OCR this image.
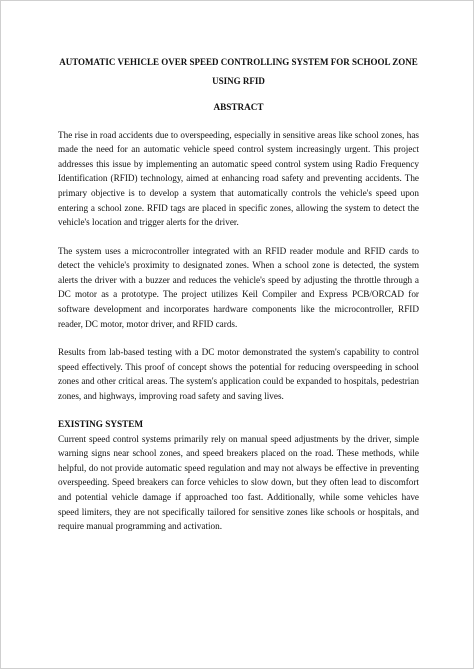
AUTOMATIC VEHICLE OVER SPEED CONTROLLING SYSTEM FOR SCHOOL ZONE USING RFID
ABSTRACT

The rise in road accidents due to overspeeding, especially in sensitive areas like school zones, has made the need for an automatic vehicle speed control system increasingly urgent. This project addresses this issue by implementing an automatic speed control system using Radio Frequency Identification (RFID) technology, aimed at enhancing road safety and preventing accidents. The primary objective is to develop a system that automatically controls the vehicle's speed upon entering a school zone. RFID tags are placed in specific zones, allowing the system to detect the vehicle's location and trigger alerts for the driver.

The system uses a microcontroller integrated with an RFID reader module and RFID cards to detect the vehicle's proximity to designated zones. When a school zone is detected, the system alerts the driver with a buzzer and reduces the vehicle's speed by adjusting the throttle through a DC motor as a prototype. The project utilizes Keil Compiler and Express PCB/ORCAD for software development and incorporates hardware components like the microcontroller, RFID reader, DC motor, motor driver, and RFID cards.

Results from lab-based testing with a DC motor demonstrated the system's capability to control speed effectively. This proof of concept shows the potential for reducing overspeeding in school zones and other critical areas. The system's application could be expanded to hospitals, pedestrian zones, and highways, improving road safety and saving lives.

EXISTING SYSTEM

Current speed control systems primarily rely on manual speed adjustments by the driver, simple warning signs near school zones, and speed breakers placed on the road. These methods, while helpful, do not provide automatic speed regulation and may not always be effective in preventing overspeeding. Speed breakers can force vehicles to slow down, but they often lead to discomfort and potential vehicle damage if approached too fast. Additionally, while some vehicles have speed limiters, they are not specifically tailored for sensitive zones like schools or hospitals, and require manual programming and activation.
